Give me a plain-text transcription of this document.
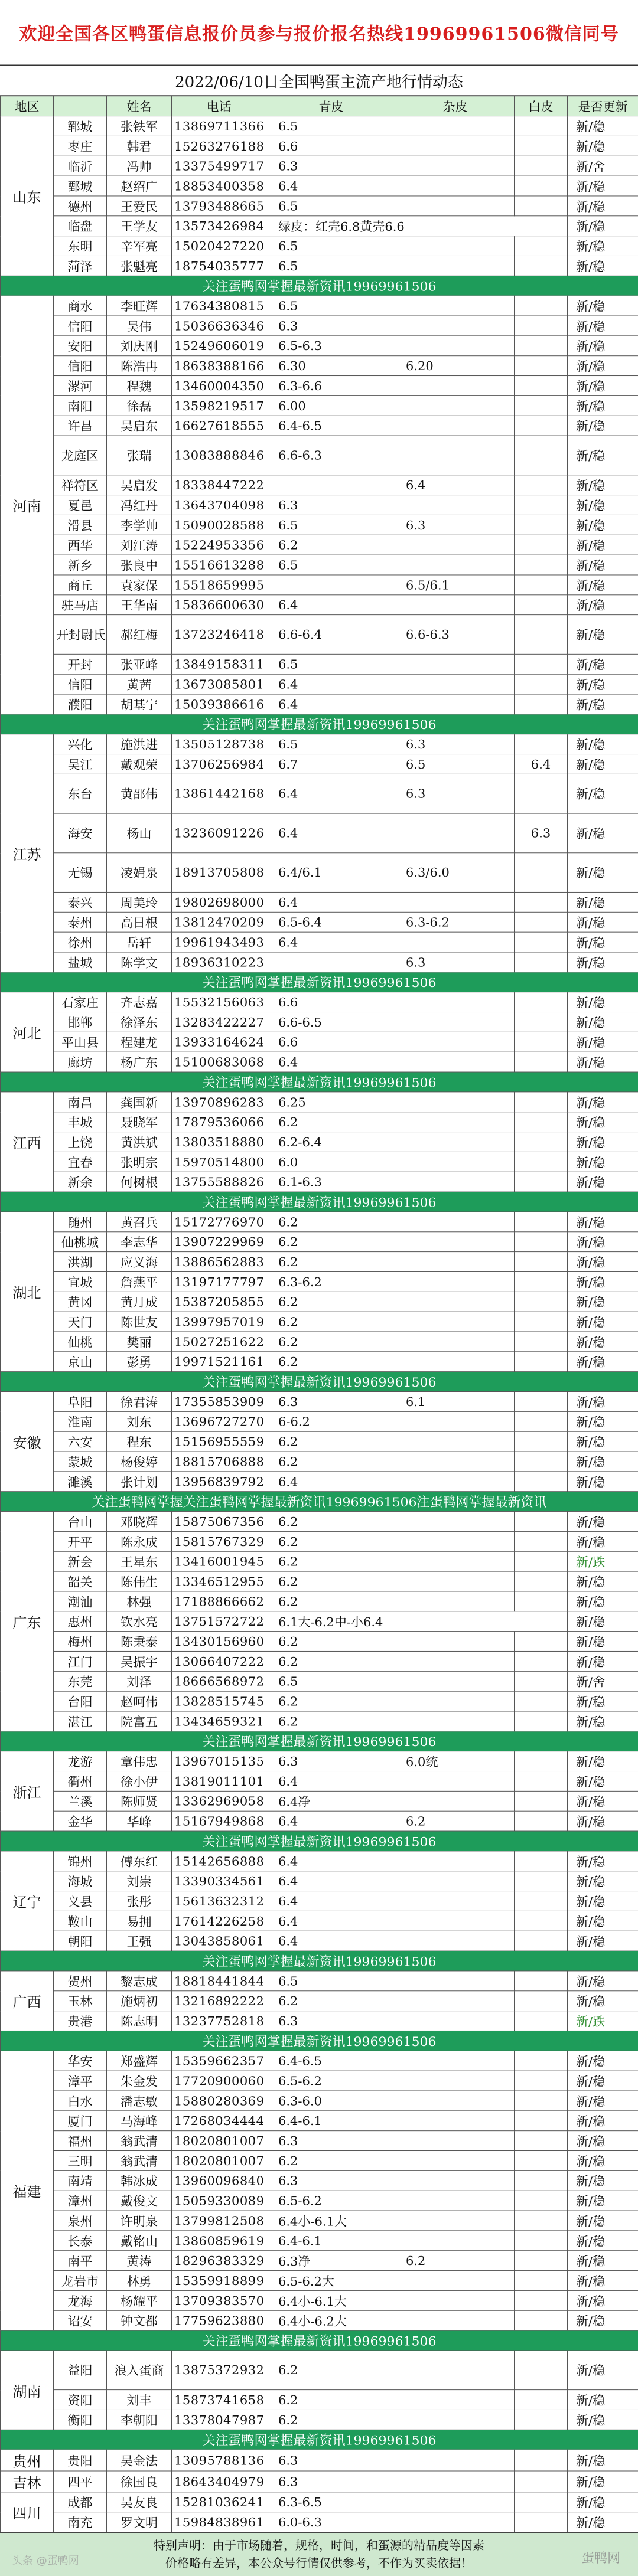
欢迎全国各区鸭蛋信息报价员参与报价报名热线19969961506微信同号
2022/06/10日全国鸭蛋主流产地行情动态
地区		姓名	电话	青皮	杂皮	白皮	是否更新
山东	郓城	张铁军	13869711366	6.5			新/稳
	枣庄	韩君	15263276188	6.6			新/稳
	临沂	冯帅	13375499717	6.3			新/舍
	鄄城	赵绍广	18853400358	6.4			新/稳
	德州	王爱民	13793488665	6.5			新/稳
	临盘	王学友	13573426984	绿皮：红壳6.8黄壳6.6			新/稳
	东明	辛军亮	15020427220	6.5			新/稳
	菏泽	张魁亮	18754035777	6.5			新/稳
关注蛋鸭网掌握最新资讯19969961506							
河南	商水	李旺辉	17634380815	6.5			新/稳
	信阳	吴伟	15036636346	6.3			新/稳
	安阳	刘庆刚	15249606019	6.5-6.3			新/稳
	信阳	陈浩冉	18638388166	6.30	6.20		新/稳
	漯河	程魏	13460004350	6.3-6.6			新/稳
	南阳	徐磊	13598219517	6.00			新/稳
	许昌	吴启东	16627618555	6.4-6.5			新/稳
	龙庭区	张瑞	13083888846	6.6-6.3			新/稳
	祥符区	吴启发	18338447222		6.4		新/稳
	夏邑	冯红丹	13643704098	6.3			新/稳
	滑县	李学帅	15090028588	6.5	6.3		新/稳
	西华	刘江涛	15224953356	6.2			新/稳
	新乡	张良中	15516613288	6.5			新/稳
	商丘	袁家保	15518659995		6.5/6.1		新/稳
	驻马店	王华南	15836600630	6.4			新/稳
	开封尉氏	郝红梅	13723246418	6.6-6.4	6.6-6.3		新/稳
	开封	张亚峰	13849158311	6.5			新/稳
	信阳	黄茜	13673085801	6.4			新/稳
	濮阳	胡基宁	15039386616	6.4			新/稳
关注蛋鸭网掌握最新资讯19969961506							
江苏	兴化	施洪进	13505128738	6.5	6.3		新/稳
	吴江	戴观荣	13706256984	6.7	6.5	6.4	新/稳
	东台	黄邵伟	13861442168	6.4	6.3		新/稳
	海安	杨山	13236091226	6.4		6.3	新/稳
	无锡	凌娟泉	18913705808	6.4/6.1	6.3/6.0		新/稳
	泰兴	周美玲	19802698000	6.4			新/稳
	泰州	高日根	13812470209	6.5-6.4	6.3-6.2		新/稳
	徐州	岳轩	19961943493	6.4			新/稳
	盐城	陈学文	18936310223		6.3		新/稳
关注蛋鸭网掌握最新资讯19969961506							
河北	石家庄	齐志嘉	15532156063	6.6			新/稳
	邯郸	徐泽东	13283422227	6.6-6.5			新/稳
	平山县	程建龙	13933164624	6.6			新/稳
	廊坊	杨广东	15100683068	6.4			新/稳
关注蛋鸭网掌握最新资讯19969961506							
江西	南昌	龚国新	13970896283	6.25			新/稳
	丰城	聂晓军	17879536066	6.2			新/稳
	上饶	黄洪斌	13803518880	6.2-6.4			新/稳
	宜春	张明宗	15970514800	6.0			新/稳
	新余	何树根	13755588826	6.1-6.3			新/稳
关注蛋鸭网掌握最新资讯19969961506							
湖北	随州	黄召兵	15172776970	6.2			新/稳
	仙桃城	李志华	13907229969	6.2			新/稳
	洪湖	应义海	13886562883	6.2			新/稳
	宜城	詹燕平	13197177797	6.3-6.2			新/稳
	黄冈	黄月成	15387205855	6.2			新/稳
	天门	陈世友	13997957019	6.2			新/稳
	仙桃	樊丽	15027251622	6.2			新/稳
	京山	彭勇	19971521161	6.2			新/稳
关注蛋鸭网掌握最新资讯19969961506							
安徽	阜阳	徐君涛	17355853909	6.3	6.1		新/稳
	淮南	刘东	13696727270	6-6.2			新/稳
	六安	程东	15156955559	6.2			新/稳
	蒙城	杨俊婷	18815706888	6.2			新/稳
	濉溪	张计划	13956839792	6.4			新/稳
关注蛋鸭网掌握关注蛋鸭网掌握最新资讯19969961506注蛋鸭网掌握最新资讯							
广东	台山	邓晓辉	15875067356	6.2			新/稳
	开平	陈永成	15815767329	6.2			新/稳
	新会	王星东	13416001945	6.2			新/跌
	韶关	陈伟生	13346512955	6.2			新/稳
	潮汕	林强	17188866662	6.2			新/稳
	惠州	钦水亮	13751572722	6.1大-6.2中-小6.4			新/稳
	梅州	陈秉泰	13430156960	6.2			新/稳
	江门	吴振宇	13066407222	6.2			新/稳
	东莞	刘泽	18666568972	6.5			新/舍
	台阳	赵呵伟	13828515745	6.2			新/稳
	湛江	院富五	13434659321	6.2			新/稳
关注蛋鸭网掌握最新资讯19969961506							
浙江	龙游	章伟忠	13967015135	6.3	6.0统		新/稳
	衢州	徐小伊	13819011101	6.4			新/稳
	兰溪	陈师贤	13362969058	6.4净			新/稳
	金华	华峰	15167949868	6.4	6.2		新/稳
关注蛋鸭网掌握最新资讯19969961506							
辽宁	锦州	傅东红	15142656888	6.4			新/稳
	海城	刘崇	13390334561	6.4			新/稳
	义县	张彤	15613632312	6.4			新/稳
	鞍山	易拥	17614226258	6.4			新/稳
	朝阳	王强	13043858061	6.4			新/稳
关注蛋鸭网掌握最新资讯19969961506							
广西	贺州	黎志成	18818441844	6.5			新/稳
	玉林	施炳初	13216892222	6.2			新/稳
	贵港	陈志明	13237752818	6.3			新/跌
关注蛋鸭网掌握最新资讯19969961506							
福建	华安	郑盛辉	15359662357	6.4-6.5			新/稳
	漳平	朱金发	17720900060	6.5-6.2			新/稳
	白水	潘志敏	15880280369	6.3-6.0			新/稳
	厦门	马海峰	17268034444	6.4-6.1			新/稳
	福州	翁武清	18020801007	6.3			新/稳
	三明	翁武清	18020801007	6.2			新/稳
	南靖	韩冰成	13960096840	6.3			新/稳
	漳州	戴俊文	15059330089	6.5-6.2			新/稳
	泉州	许明泉	13799812508	6.4小-6.1大			新/稳
	长泰	戴铭山	13860859619	6.4-6.1			新/稳
	南平	黄涛	18296383329	6.3净	6.2		新/稳
	龙岩市	林勇	15359918899	6.5-6.2大			新/稳
	龙海	杨耀平	13709383570	6.4小-6.1大			新/稳
	诏安	钟文都	17759623880	6.4小-6.2大			新/稳
关注蛋鸭网掌握最新资讯19969961506							
湖南	益阳	浪入蛋商	13875372932	6.2			新/稳
	资阳	刘丰	15873741658	6.2			新/稳
	衡阳	李朝阳	13378047987	6.2			新/稳
关注蛋鸭网掌握最新资讯19969961506							
贵州	贵阳	吴金法	13095788136	6.3			新/稳
吉林	四平	徐国良	18643404979	6.3			新/稳
四川	成都	吴友良	15281036241	6.3-6.5			新/稳
	南充	罗文明	15984838961	6.0-6.3			新/稳
特别声明：由于市场随着，规格，时间，和蛋源的精品度等因素
价格略有差异，本公众号行情仅供参考，不作为买卖依据！
头条 @蛋鸭网	蛋鸭网
